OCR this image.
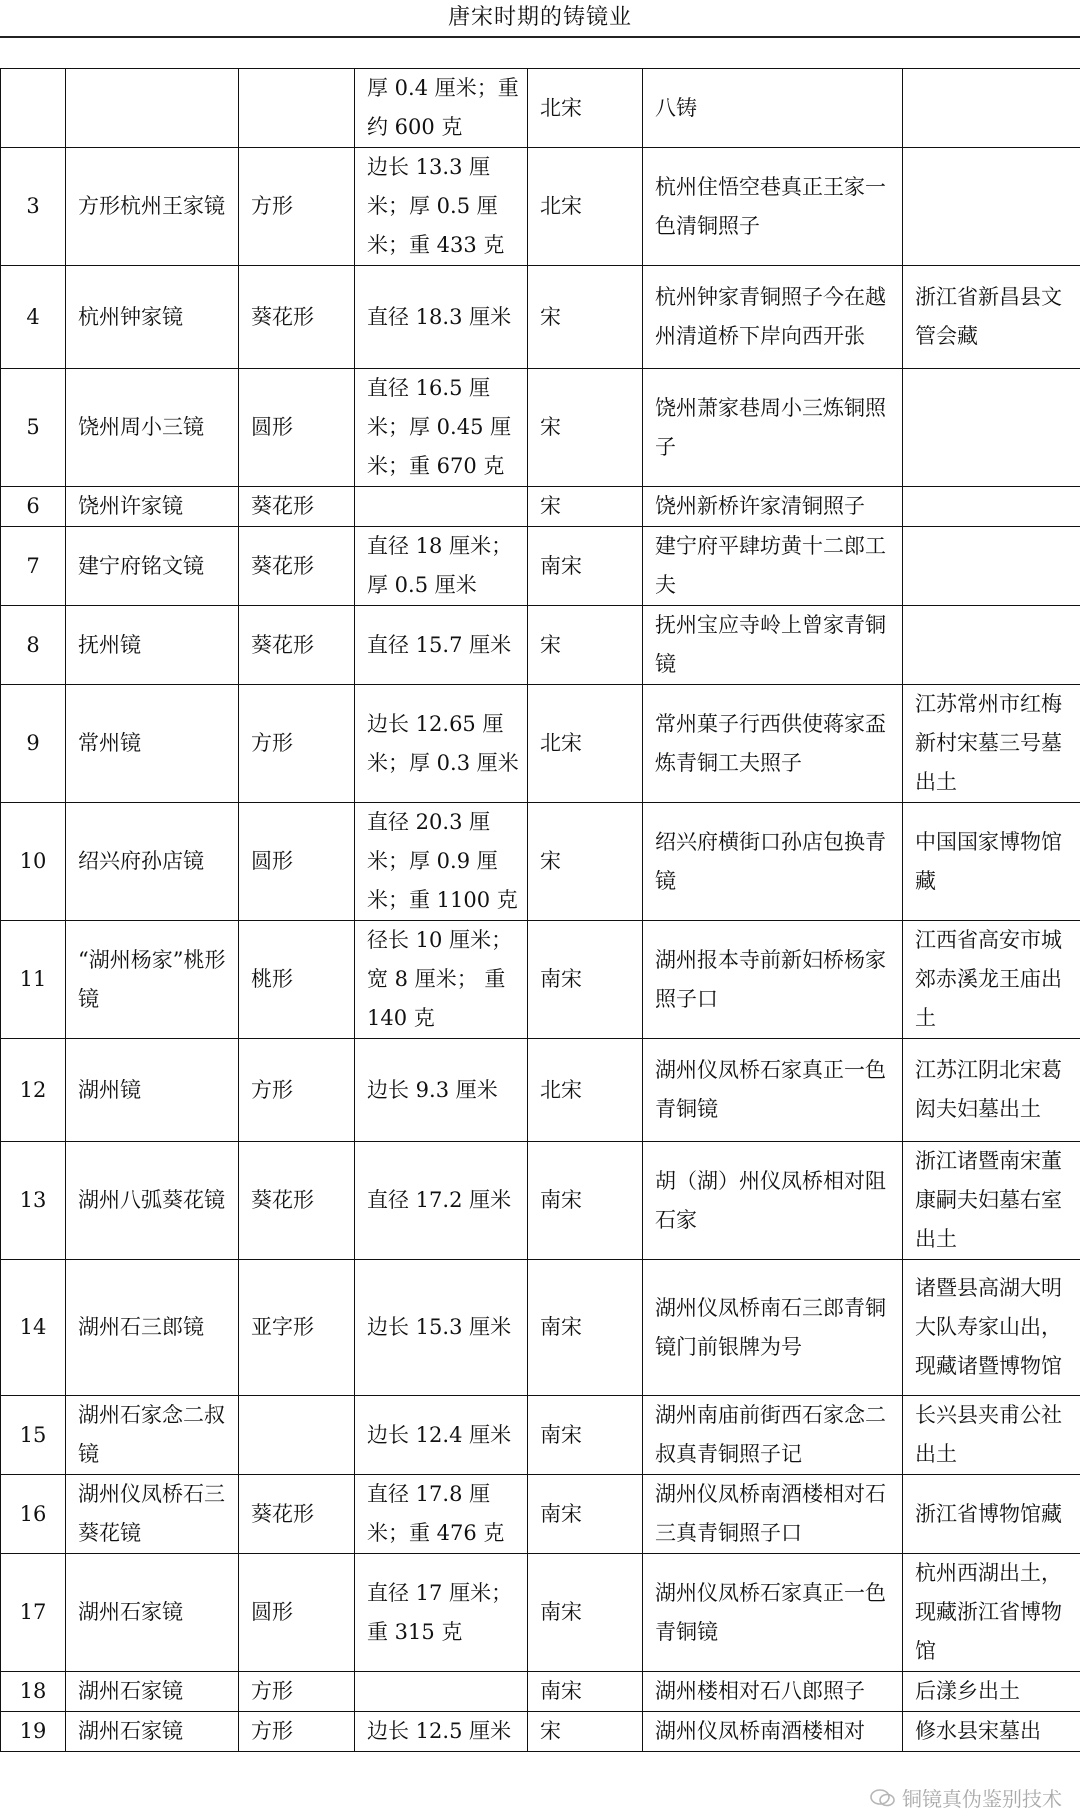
唐宋时期的铸镜业
			厚 0.4 厘米；重约 600 克	北宋	八铸	
3	方形杭州王家镜	方形	边长 13.3 厘米；厚 0.5 厘米；重 433 克	北宋	杭州住悟空巷真正王家一色清铜照子	
4	杭州钟家镜	葵花形	直径 18.3 厘米	宋	杭州钟家青铜照子今在越州清道桥下岸向西开张	浙江省新昌县文管会藏
5	饶州周小三镜	圆形	直径 16.5 厘米；厚 0.45 厘米；重 670 克	宋	饶州萧家巷周小三炼铜照子	
6	饶州许家镜	葵花形		宋	饶州新桥许家清铜照子	
7	建宁府铭文镜	葵花形	直径 18 厘米；厚 0.5 厘米	南宋	建宁府平肆坊黄十二郎工夫	
8	抚州镜	葵花形	直径 15.7 厘米	宋	抚州宝应寺岭上曾家青铜镜	
9	常州镜	方形	边长 12.65 厘米；厚 0.3 厘米	北宋	常州菓子行西供使蒋家盃炼青铜工夫照子	江苏常州市红梅新村宋墓三号墓出土
10	绍兴府孙店镜	圆形	直径 20.3 厘米；厚 0.9 厘米；重 1100 克	宋	绍兴府横街口孙店包换青镜	中国国家博物馆藏
11	“湖州杨家”桃形镜	桃形	径长 10 厘米；宽 8 厘米； 重 140 克	南宋	湖州报本寺前新妇桥杨家照子口	江西省高安市城郊赤溪龙王庙出土
12	湖州镜	方形	边长 9.3 厘米	北宋	湖州仪凤桥石家真正一色青铜镜	江苏江阴北宋葛闳夫妇墓出土
13	湖州八弧葵花镜	葵花形	直径 17.2 厘米	南宋	胡（湖）州仪凤桥相对阻石家	浙江诸暨南宋董康嗣夫妇墓右室出土
14	湖州石三郎镜	亚字形	边长 15.3 厘米	南宋	湖州仪凤桥南石三郎青铜镜门前银牌为号	诸暨县高湖大明大队寿家山出，现藏诸暨博物馆
15	湖州石家念二叔镜		边长 12.4 厘米	南宋	湖州南庙前街西石家念二叔真青铜照子记	长兴县夹甫公社出土
16	湖州仪凤桥石三葵花镜	葵花形	直径 17.8 厘米；重 476 克	南宋	湖州仪凤桥南酒楼相对石三真青铜照子口	浙江省博物馆藏
17	湖州石家镜	圆形	直径 17 厘米；重 315 克	南宋	湖州仪凤桥石家真正一色青铜镜	杭州西湖出土，现藏浙江省博物馆
18	湖州石家镜	方形		南宋	湖州楼相对石八郎照子	后漾乡出土
19	湖州石家镜	方形	边长 12.5 厘米	宋	湖州仪凤桥南酒楼相对	修水县宋墓出
铜镜真伪鉴别技术
